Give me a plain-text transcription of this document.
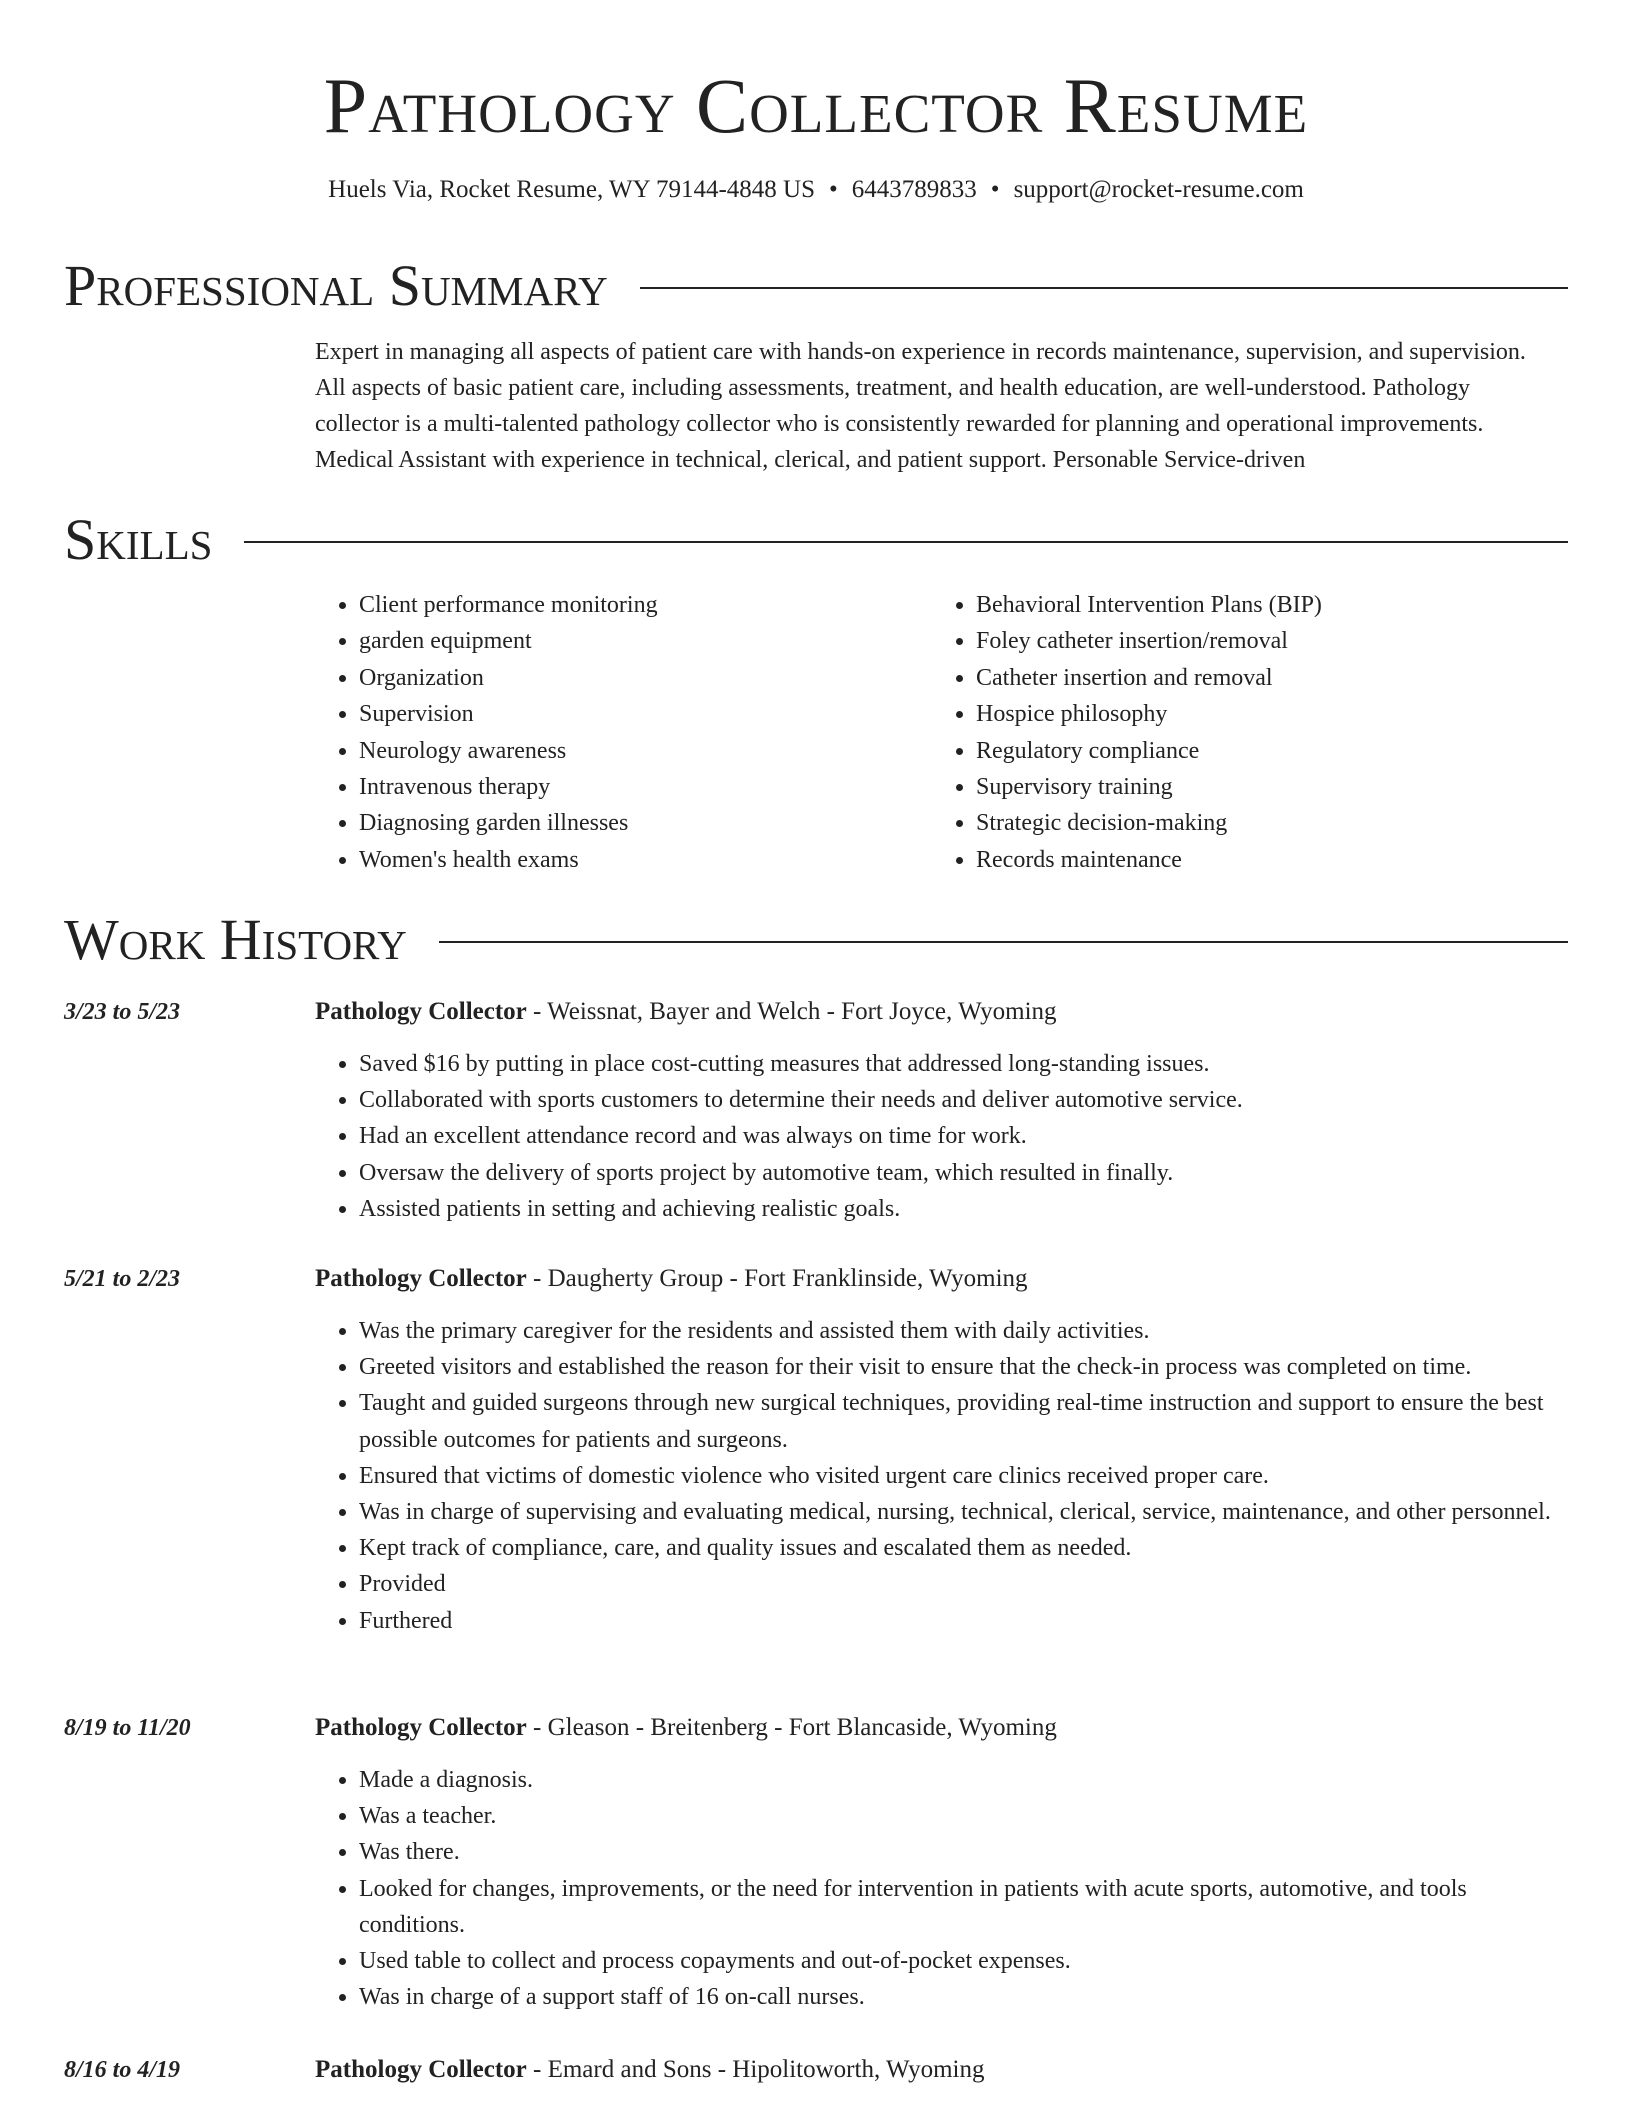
Pathology Collector Resume
Huels Via, Rocket Resume, WY 79144-4848 US • 6443789833 • support@rocket-resume.com
Professional Summary

Expert in managing all aspects of patient care with hands-on experience in records maintenance, supervision, and supervision. All aspects of basic patient care, including assessments, treatment, and health education, are well-understood. Pathology collector is a multi-talented pathology collector who is consistently rewarded for planning and operational improvements. Medical Assistant with experience in technical, clerical, and patient support. Personable Service-driven

Skills
• Client performance monitoring
• garden equipment
• Organization
• Supervision
• Neurology awareness
• Intravenous therapy
• Diagnosing garden illnesses
• Women's health exams
• Behavioral Intervention Plans (BIP)
• Foley catheter insertion/removal
• Catheter insertion and removal
• Hospice philosophy
• Regulatory compliance
• Supervisory training
• Strategic decision-making
• Records maintenance
Work History
3/23 to 5/23	Pathology Collector - Weissnat, Bayer and Welch - Fort Joyce, Wyoming
• Saved $16 by putting in place cost-cutting measures that addressed long-standing issues.
• Collaborated with sports customers to determine their needs and deliver automotive service.
• Had an excellent attendance record and was always on time for work.
• Oversaw the delivery of sports project by automotive team, which resulted in finally.
• Assisted patients in setting and achieving realistic goals.
5/21 to 2/23	Pathology Collector - Daugherty Group - Fort Franklinside, Wyoming
• Was the primary caregiver for the residents and assisted them with daily activities.
• Greeted visitors and established the reason for their visit to ensure that the check-in process was completed on time.
• Taught and guided surgeons through new surgical techniques, providing real-time instruction and support to ensure the best possible outcomes for patients and surgeons.
• Ensured that victims of domestic violence who visited urgent care clinics received proper care.
• Was in charge of supervising and evaluating medical, nursing, technical, clerical, service, maintenance, and other personnel.
• Kept track of compliance, care, and quality issues and escalated them as needed.
• Provided
• Furthered
8/19 to 11/20	Pathology Collector - Gleason - Breitenberg - Fort Blancaside, Wyoming
• Made a diagnosis.
• Was a teacher.
• Was there.
• Looked for changes, improvements, or the need for intervention in patients with acute sports, automotive, and tools conditions.
• Used table to collect and process copayments and out-of-pocket expenses.
• Was in charge of a support staff of 16 on-call nurses.
8/16 to 4/19	Pathology Collector - Emard and Sons - Hipolitoworth, Wyoming
